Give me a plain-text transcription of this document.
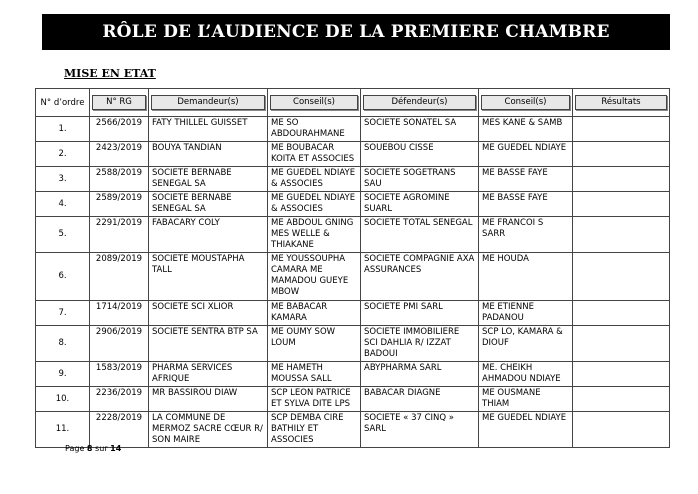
RÔLE DE L’AUDIENCE DE LA PREMIERE CHAMBRE
MISE EN ETAT
N° d’ordre	N° RG	Demandeur(s)	Conseil(s)	Défendeur(s)	Conseil(s)	Résultats

1.	2566/2019	FATY THILLEL GUISSET	ME SO ABDOURAHMANE	SOCIETE SONATEL SA	MES KANE & SAMB	
2.	2423/2019	BOUYA TANDIAN	ME BOUBACAR KOITA ET ASSOCIES	SOUEBOU CISSE	ME GUEDEL NDIAYE	
3.	2588/2019	SOCIETE BERNABE SENEGAL SA	ME GUEDEL NDIAYE & ASSOCIES	SOCIETE SOGETRANS SAU	ME BASSE FAYE	
4.	2589/2019	SOCIETE BERNABE SENEGAL SA	ME GUEDEL NDIAYE & ASSOCIES	SOCIETE AGROMINE SUARL	ME BASSE FAYE	
5.	2291/2019	FABACARY COLY	ME ABDOUL GNING MES WELLE & THIAKANE	SOCIETE TOTAL SENEGAL	ME FRANCOI S SARR	
6.	2089/2019	SOCIETE MOUSTAPHA TALL	ME YOUSSOUPHA CAMARA ME MAMADOU GUEYE MBOW	SOCIETE COMPAGNIE AXA ASSURANCES	ME HOUDA	
7.	1714/2019	SOCIETE SCI XLIOR	ME BABACAR KAMARA	SOCIETE PMI SARL	ME ETIENNE PADANOU	
8.	2906/2019	SOCIETE SENTRA BTP SA	ME OUMY SOW LOUM	SOCIETE IMMOBILIERE SCI DAHLIA R/ IZZAT BADOUI	SCP LO, KAMARA & DIOUF	
9.	1583/2019	PHARMA SERVICES AFRIQUE	ME HAMETH MOUSSA SALL	ABYPHARMA SARL	ME. CHEIKH AHMADOU NDIAYE	
10.	2236/2019	MR BASSIROU DIAW	SCP LEON PATRICE ET SYLVA DITE LPS	BABACAR DIAGNE	ME OUSMANE THIAM	
11.	2228/2019	LA COMMUNE DE MERMOZ SACRE CŒUR R/ SON MAIRE	SCP DEMBA CIRE BATHILY ET ASSOCIES	SOCIETE « 37 CINQ » SARL	ME GUEDEL NDIAYE	
Page 8 sur 14
